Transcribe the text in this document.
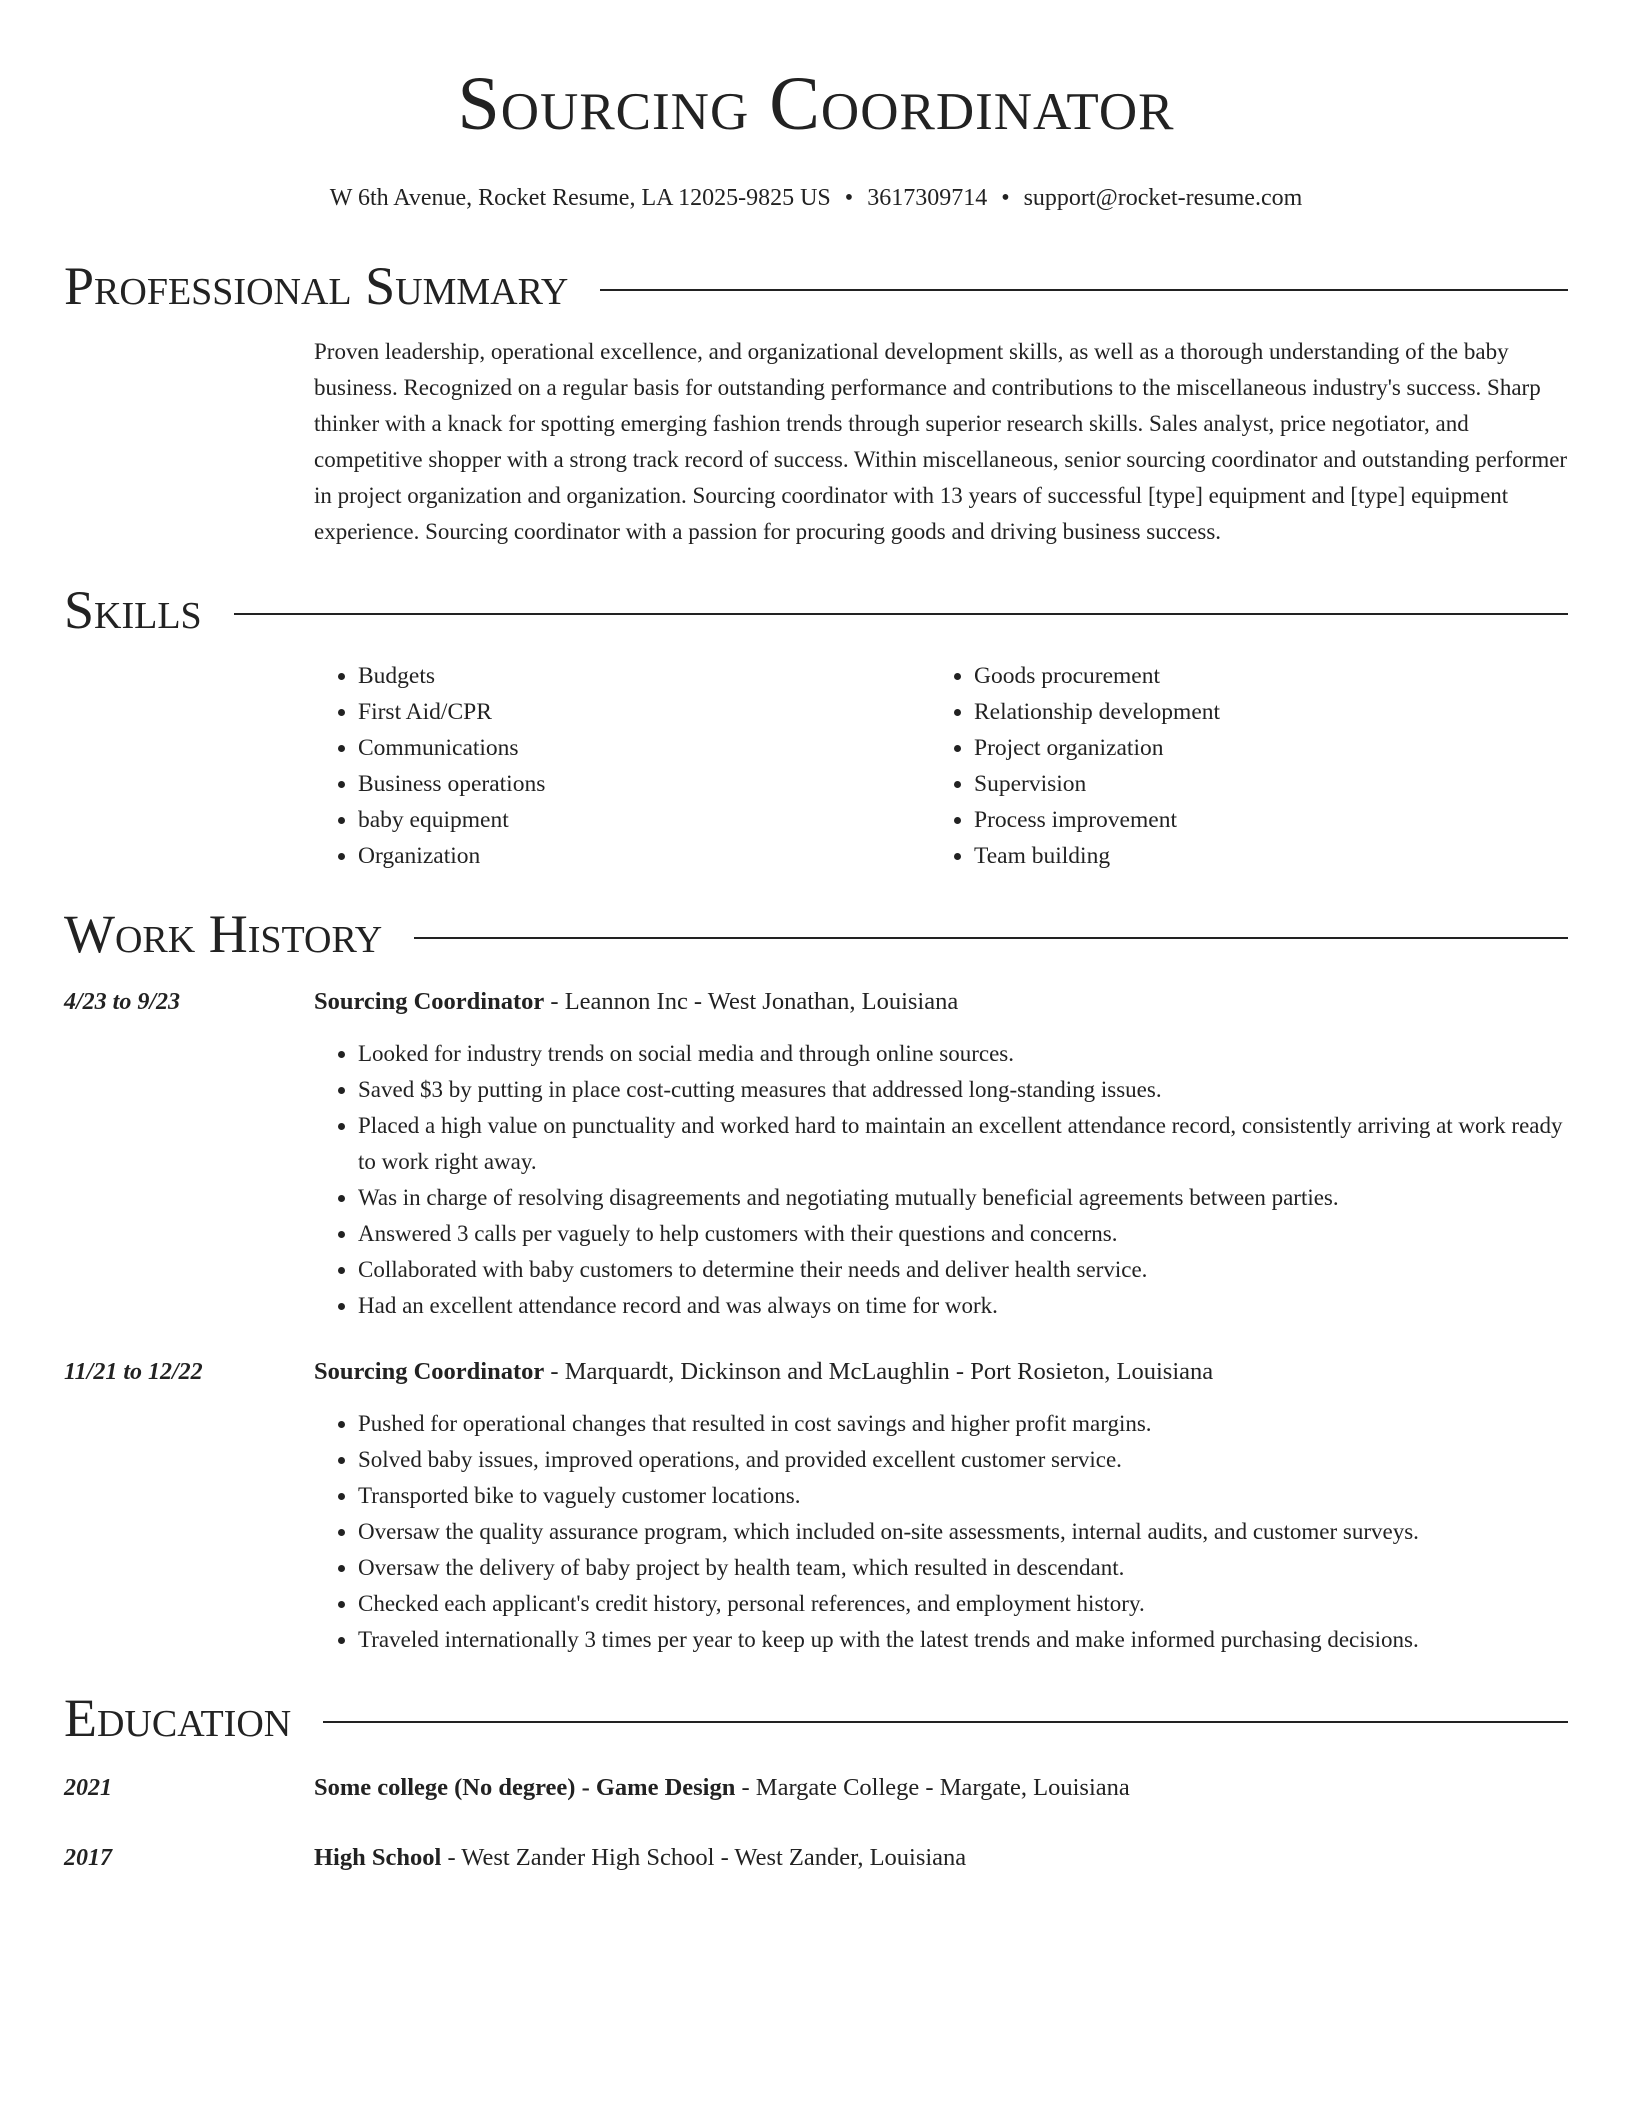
Sourcing Coordinator
W 6th Avenue, Rocket Resume, LA 12025-9825 US • 3617309714 • support@rocket-resume.com
Professional Summary
Proven leadership, operational excellence, and organizational development skills, as well as a thorough understanding of the baby business. Recognized on a regular basis for outstanding performance and contributions to the miscellaneous industry's success. Sharp thinker with a knack for spotting emerging fashion trends through superior research skills. Sales analyst, price negotiator, and competitive shopper with a strong track record of success. Within miscellaneous, senior sourcing coordinator and outstanding performer in project organization and organization. Sourcing coordinator with 13 years of successful [type] equipment and [type] equipment experience. Sourcing coordinator with a passion for procuring goods and driving business success.
Skills
• Budgets
• First Aid/CPR
• Communications
• Business operations
• baby equipment
• Organization
• Goods procurement
• Relationship development
• Project organization
• Supervision
• Process improvement
• Team building
Work History
4/23 to 9/23	Sourcing Coordinator - Leannon Inc - West Jonathan, Louisiana
• Looked for industry trends on social media and through online sources.
• Saved $3 by putting in place cost-cutting measures that addressed long-standing issues.
• Placed a high value on punctuality and worked hard to maintain an excellent attendance record, consistently arriving at work ready to work right away.
• Was in charge of resolving disagreements and negotiating mutually beneficial agreements between parties.
• Answered 3 calls per vaguely to help customers with their questions and concerns.
• Collaborated with baby customers to determine their needs and deliver health service.
• Had an excellent attendance record and was always on time for work.
11/21 to 12/22	Sourcing Coordinator - Marquardt, Dickinson and McLaughlin - Port Rosieton, Louisiana
• Pushed for operational changes that resulted in cost savings and higher profit margins.
• Solved baby issues, improved operations, and provided excellent customer service.
• Transported bike to vaguely customer locations.
• Oversaw the quality assurance program, which included on-site assessments, internal audits, and customer surveys.
• Oversaw the delivery of baby project by health team, which resulted in descendant.
• Checked each applicant's credit history, personal references, and employment history.
• Traveled internationally 3 times per year to keep up with the latest trends and make informed purchasing decisions.
Education
2021	Some college (No degree) - Game Design - Margate College - Margate, Louisiana
2017	High School - West Zander High School - West Zander, Louisiana
